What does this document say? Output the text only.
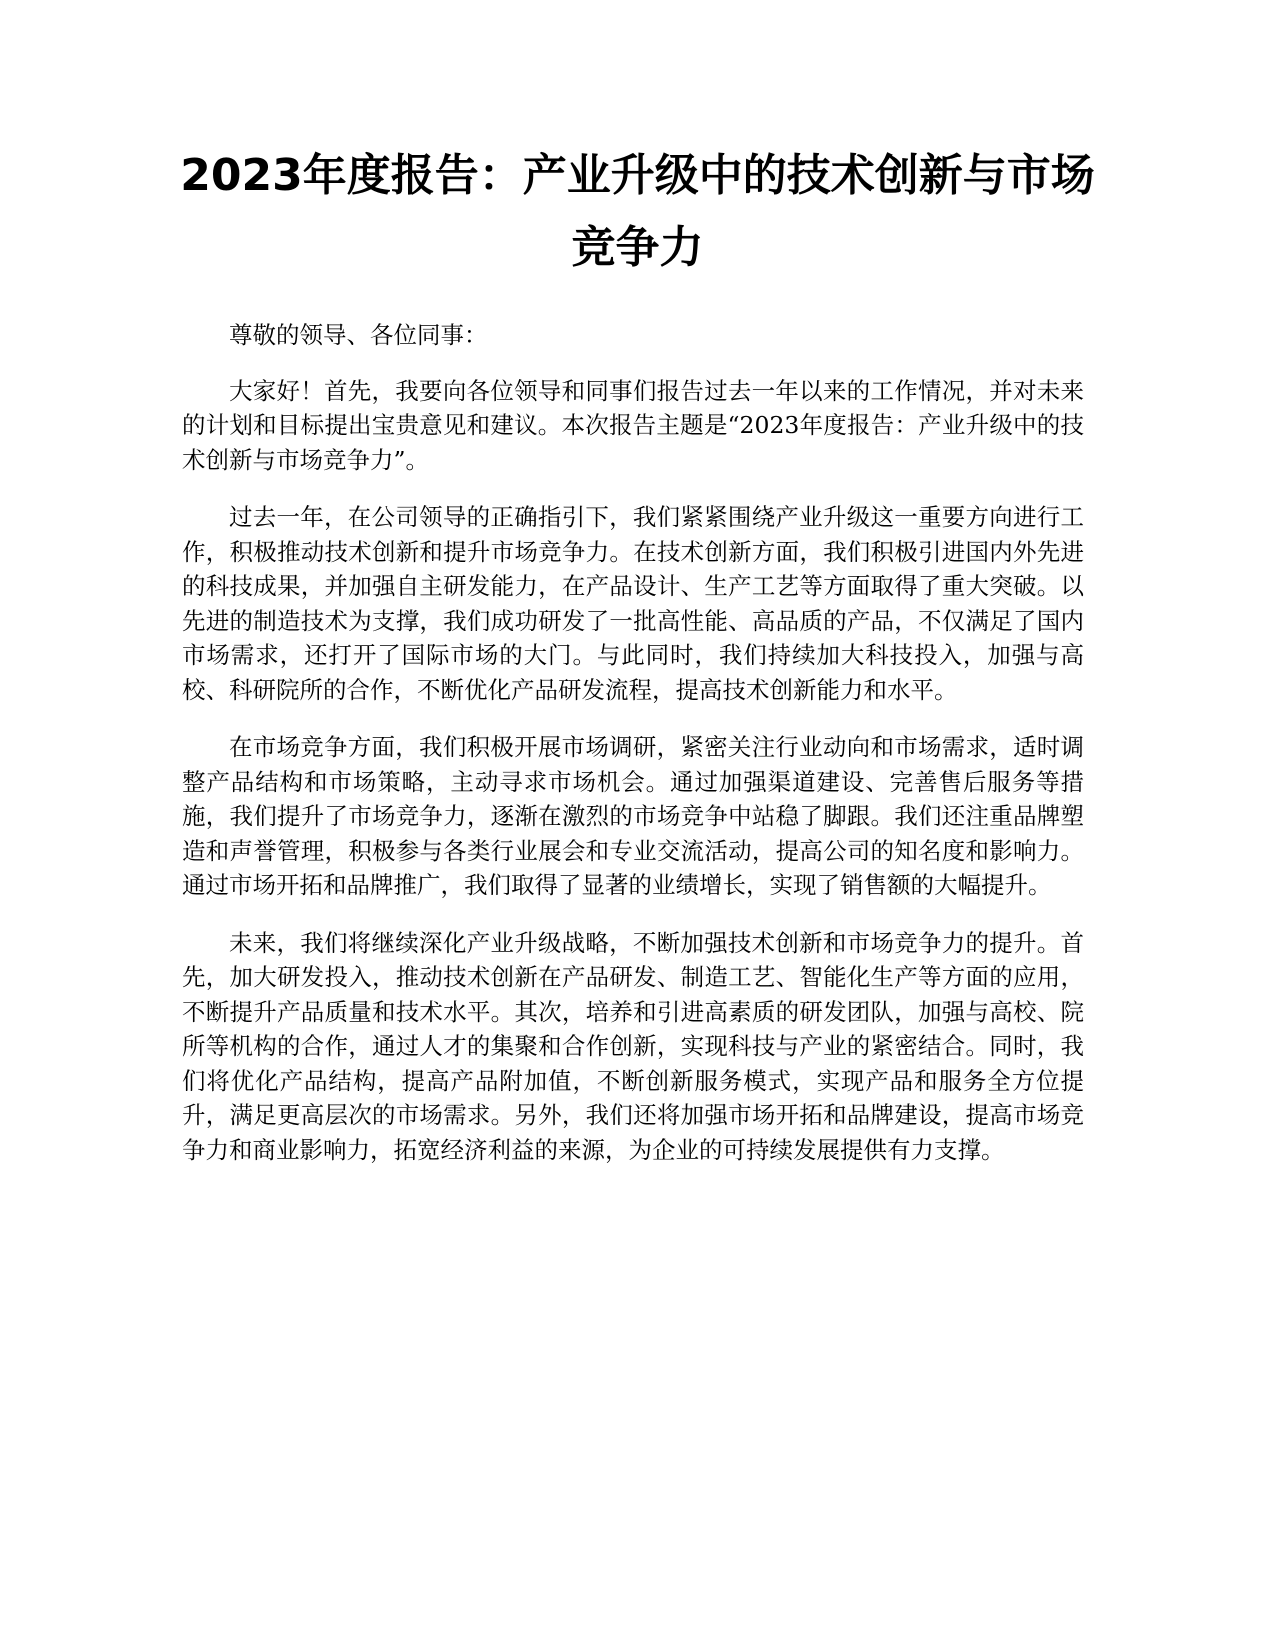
2023年度报告：产业升级中的技术创新与市场竞争力

尊敬的领导、各位同事：

大家好！首先，我要向各位领导和同事们报告过去一年以来的工作情况，并对未来的计划和目标提出宝贵意见和建议。本次报告主题是“2023年度报告：产业升级中的技术创新与市场竞争力”。

过去一年，在公司领导的正确指引下，我们紧紧围绕产业升级这一重要方向进行工作，积极推动技术创新和提升市场竞争力。在技术创新方面，我们积极引进国内外先进的科技成果，并加强自主研发能力，在产品设计、生产工艺等方面取得了重大突破。以先进的制造技术为支撑，我们成功研发了一批高性能、高品质的产品，不仅满足了国内市场需求，还打开了国际市场的大门。与此同时，我们持续加大科技投入，加强与高校、科研院所的合作，不断优化产品研发流程，提高技术创新能力和水平。

在市场竞争方面，我们积极开展市场调研，紧密关注行业动向和市场需求，适时调整产品结构和市场策略，主动寻求市场机会。通过加强渠道建设、完善售后服务等措施，我们提升了市场竞争力，逐渐在激烈的市场竞争中站稳了脚跟。我们还注重品牌塑造和声誉管理，积极参与各类行业展会和专业交流活动，提高公司的知名度和影响力。通过市场开拓和品牌推广，我们取得了显著的业绩增长，实现了销售额的大幅提升。

未来，我们将继续深化产业升级战略，不断加强技术创新和市场竞争力的提升。首先，加大研发投入，推动技术创新在产品研发、制造工艺、智能化生产等方面的应用，不断提升产品质量和技术水平。其次，培养和引进高素质的研发团队，加强与高校、院所等机构的合作，通过人才的集聚和合作创新，实现科技与产业的紧密结合。同时，我们将优化产品结构，提高产品附加值，不断创新服务模式，实现产品和服务全方位提升，满足更高层次的市场需求。另外，我们还将加强市场开拓和品牌建设，提高市场竞争力和商业影响力，拓宽经济利益的来源，为企业的可持续发展提供有力支撑。
